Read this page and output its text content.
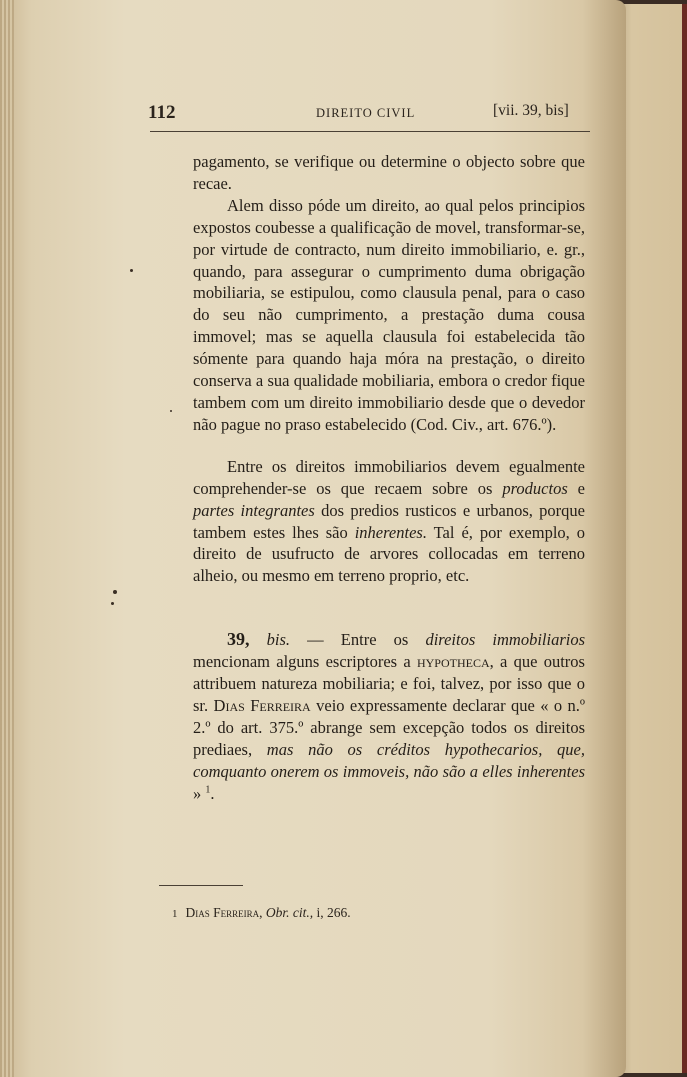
112	DIREITO CIVIL	[vii. 39, bis]

pagamento, se verifique ou determine o objecto sobre que recae.

Alem disso póde um direito, ao qual pelos principios expostos coubesse a qualificação de movel, transformar-se, por virtude de contracto, num direito immobiliario, e. gr., quando, para assegurar o cumprimento duma obrigação mobiliaria, se estipulou, como clausula penal, para o caso do seu não cumprimento, a prestação duma cousa immovel; mas se aquella clausula foi estabelecida tão sómente para quando haja móra na prestação, o direito conserva a sua qualidade mobiliaria, embora o credor fique tambem com um direito immobiliario desde que o devedor não pague no praso estabelecido (Cod. Civ., art. 676.º).

Entre os direitos immobiliarios devem egualmente comprehender-se os que recaem sobre os productos e partes integrantes dos predios rusticos e urbanos, porque tambem estes lhes são inherentes. Tal é, por exemplo, o direito de usufructo de arvores collocadas em terreno alheio, ou mesmo em terreno proprio, etc.

39, bis. — Entre os direitos immobiliarios mencionam alguns escriptores a hypotheca, a que outros attribuem natureza mobiliaria; e foi, talvez, por isso que o sr. Dias Ferreira veio expressamente declarar que « o n.º 2.º do art. 375.º abrange sem excepção todos os direitos prediaes, mas não os créditos hypothecarios, que, comquanto onerem os immoveis, não são a elles inherentes » $^1$.

1 Dias Ferreira, Obr. cit., i, 266.
